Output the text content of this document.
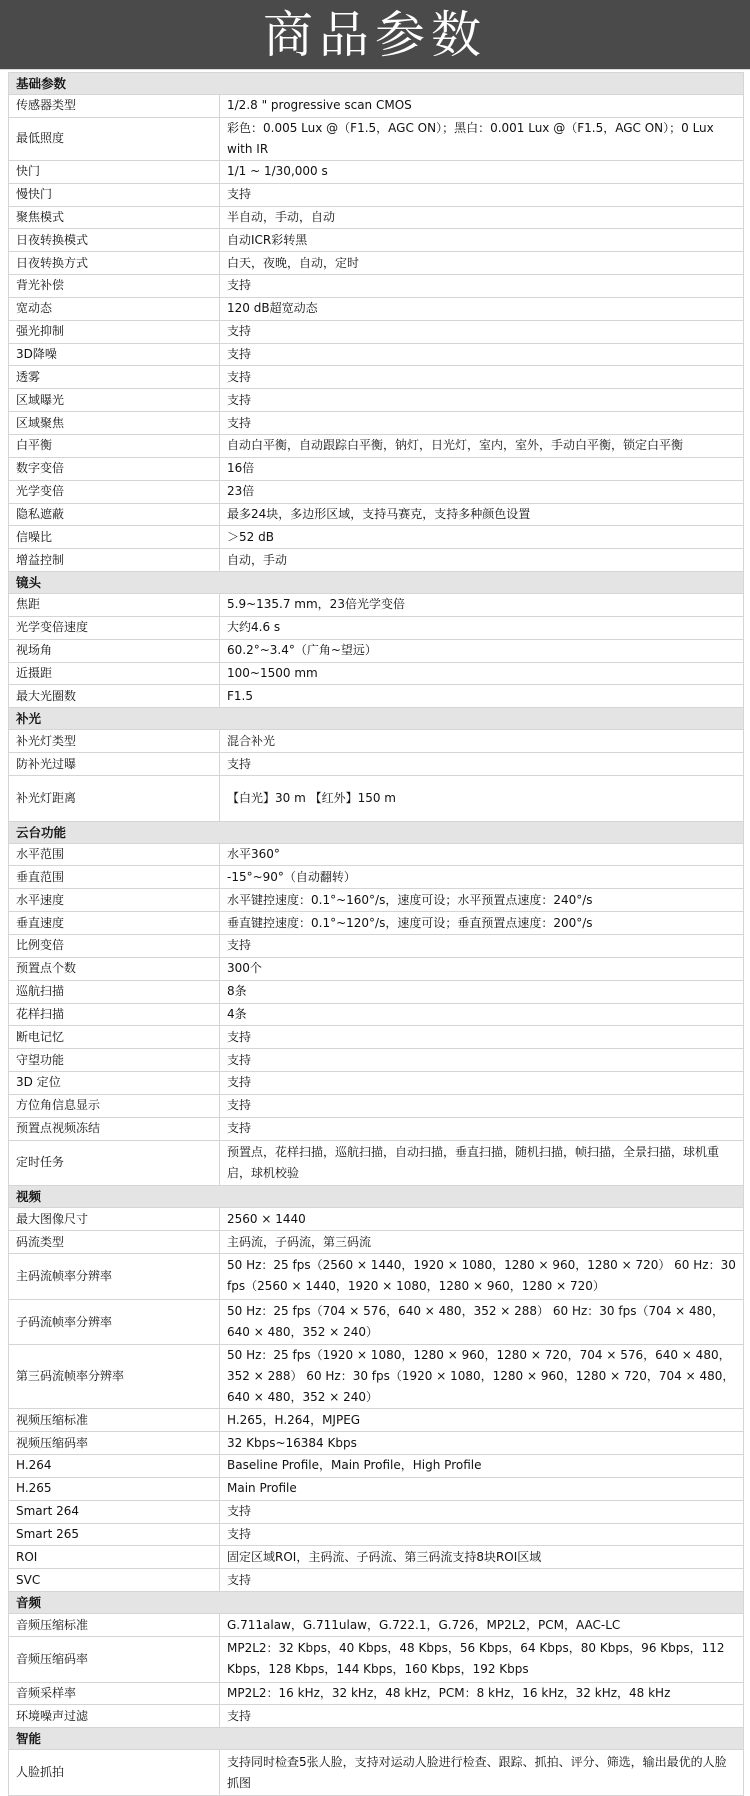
商品参数
基础参数	
传感器类型	1/2.8 " progressive scan CMOS
最低照度	彩色：0.005 Lux @（F1.5，AGC ON）；黑白：0.001 Lux @（F1.5，AGC ON）；0 Lux with IR
快门	1/1 ~ 1/30,000 s
慢快门	支持
聚焦模式	半自动，手动，自动
日夜转换模式	自动ICR彩转黑
日夜转换方式	白天，夜晚，自动，定时
背光补偿	支持
宽动态	120 dB超宽动态
强光抑制	支持
3D降噪	支持
透雾	支持
区域曝光	支持
区域聚焦	支持
白平衡	自动白平衡，自动跟踪白平衡，钠灯，日光灯，室内，室外，手动白平衡，锁定白平衡
数字变倍	16倍
光学变倍	23倍
隐私遮蔽	最多24块，多边形区域，支持马赛克，支持多种颜色设置
信噪比	＞52 dB
增益控制	自动，手动
镜头	
焦距	5.9~135.7 mm，23倍光学变倍
光学变倍速度	大约4.6 s
视场角	60.2°~3.4°（广角~望远）
近摄距	100~1500 mm
最大光圈数	F1.5
补光	
补光灯类型	混合补光
防补光过曝	支持
补光灯距离	【白光】30 m 【红外】150 m
云台功能	
水平范围	水平360°
垂直范围	-15°~90°（自动翻转）
水平速度	水平键控速度：0.1°~160°/s，速度可设；水平预置点速度：240°/s
垂直速度	垂直键控速度：0.1°~120°/s，速度可设；垂直预置点速度：200°/s
比例变倍	支持
预置点个数	300个
巡航扫描	8条
花样扫描	4条
断电记忆	支持
守望功能	支持
3D 定位	支持
方位角信息显示	支持
预置点视频冻结	支持
定时任务	预置点，花样扫描，巡航扫描，自动扫描，垂直扫描，随机扫描，帧扫描，全景扫描，球机重启，球机校验
视频	
最大图像尺寸	2560 × 1440
码流类型	主码流，子码流，第三码流
主码流帧率分辨率	50 Hz：25 fps（2560 × 1440，1920 × 1080，1280 × 960，1280 × 720） 60 Hz：30 fps（2560 × 1440，1920 × 1080，1280 × 960，1280 × 720）
子码流帧率分辨率	50 Hz：25 fps（704 × 576，640 × 480，352 × 288） 60 Hz：30 fps（704 × 480，640 × 480，352 × 240）
第三码流帧率分辨率	50 Hz：25 fps（1920 × 1080，1280 × 960，1280 × 720，704 × 576，640 × 480，352 × 288） 60 Hz：30 fps（1920 × 1080，1280 × 960，1280 × 720，704 × 480，640 × 480，352 × 240）
视频压缩标准	H.265，H.264，MJPEG
视频压缩码率	32 Kbps~16384 Kbps
H.264	Baseline Profile，Main Profile，High Profile
H.265	Main Profile
Smart 264	支持
Smart 265	支持
ROI	固定区域ROI，主码流、子码流、第三码流支持8块ROI区域
SVC	支持
音频	
音频压缩标准	G.711alaw，G.711ulaw，G.722.1，G.726，MP2L2，PCM，AAC-LC
音频压缩码率	MP2L2：32 Kbps，40 Kbps，48 Kbps，56 Kbps，64 Kbps，80 Kbps，96 Kbps，112 Kbps，128 Kbps，144 Kbps，160 Kbps，192 Kbps
音频采样率	MP2L2：16 kHz，32 kHz，48 kHz，PCM：8 kHz，16 kHz，32 kHz，48 kHz
环境噪声过滤	支持
智能	
人脸抓拍	支持同时检查5张人脸，支持对运动人脸进行检查、跟踪、抓拍、评分、筛选，输出最优的人脸抓图
